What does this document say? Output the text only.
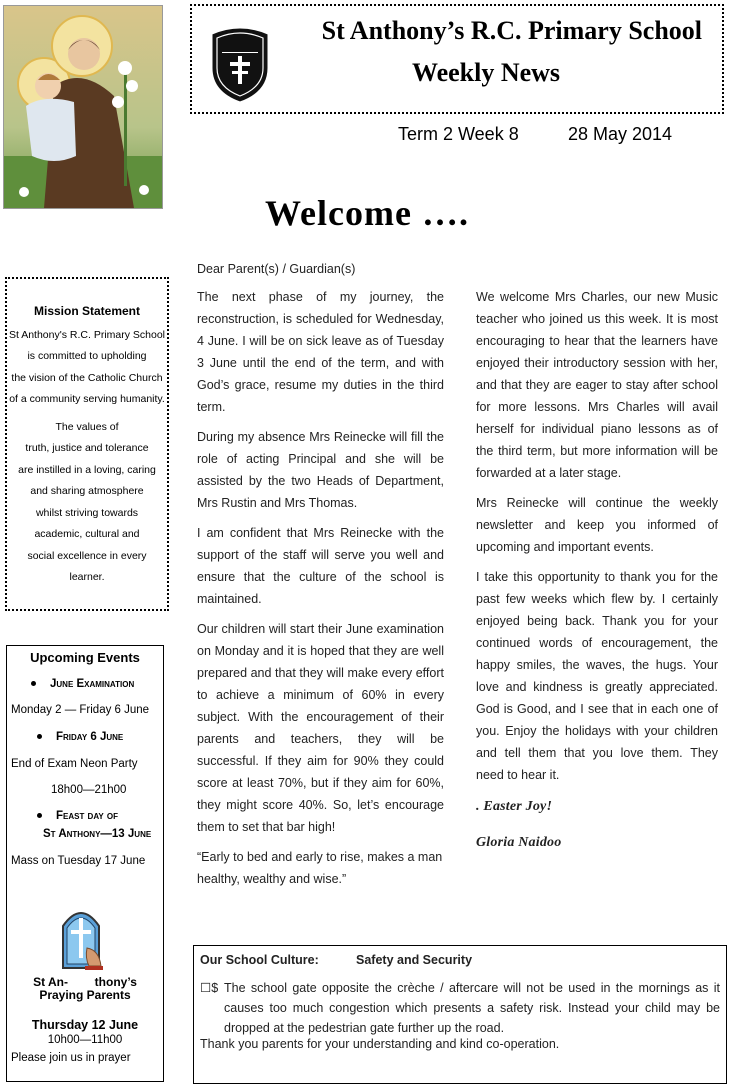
St Anthony’s R.C. Primary School
Weekly News
Term 2 Week 8	28 May 2014
Welcome ….
Mission Statement
St Anthony's R.C. Primary School
is committed to upholding
the vision of the Catholic Church
of a community serving humanity.
The values of
truth, justice and tolerance
are instilled in a loving, caring
and sharing atmosphere
whilst striving towards
academic, cultural and
social excellence in every
learner.
Upcoming Events
June Examination
Monday 2 — Friday 6 June
Friday 6 June
End of Exam Neon Party
18h00—21h00
Feast day of
St Anthony—13 June
Mass on Tuesday 17 June
St An-        thony’s
Praying Parents
Thursday 12 June
10h00—11h00
Please join us in prayer
Dear Parent(s) / Guardian(s)

The next phase of my journey, the reconstruction, is scheduled for Wednesday, 4 June. I will be on sick leave as of Tuesday 3 June until the end of the term, and with God’s grace, resume my duties in the third term.

During my absence Mrs Reinecke will fill the role of acting Principal and she will be assisted by the two Heads of Department, Mrs Rustin and Mrs Thomas.

I am confident that Mrs Reinecke with the support of the staff will serve you well and ensure that the culture of the school is maintained.

Our children will start their June examination on Monday and it is hoped that they are well prepared and that they will make every effort to achieve a minimum of 60% in every subject. With the encouragement of their parents and teachers, they will be successful. If they aim for 90% they could score at least 70%, but if they aim for 60%, they might score 40%. So, let’s encourage them to set that bar high!

“Early to bed and early to rise, makes a man healthy, wealthy and wise.”

We welcome Mrs Charles, our new Music teacher who joined us this week. It is most encouraging to hear that the learners have enjoyed their introductory session with her, and that they are eager to stay after school for more lessons. Mrs Charles will avail herself for individual piano lessons as of the third term, but more information will be forwarded at a later stage.

Mrs Reinecke will continue the weekly newsletter and keep you informed of upcoming and important events.

I take this opportunity to thank you for the past few weeks which flew by. I certainly enjoyed being back. Thank you for your continued words of encouragement, the happy smiles, the waves, the hugs. Your love and kindness is greatly appreciated. God is Good, and I see that in each one of you. Enjoy the holidays with your children and tell them that you love them. They need to hear it.

. Easter Joy!

Gloria Naidoo

Our School Culture:	Safety and Security
☐$ The school gate opposite the crèche / aftercare will not be used in the mornings as it causes too much congestion which presents a safety risk. Instead your child may be dropped at the pedestrian gate further up the road.
Thank you parents for your understanding and kind co-operation.
